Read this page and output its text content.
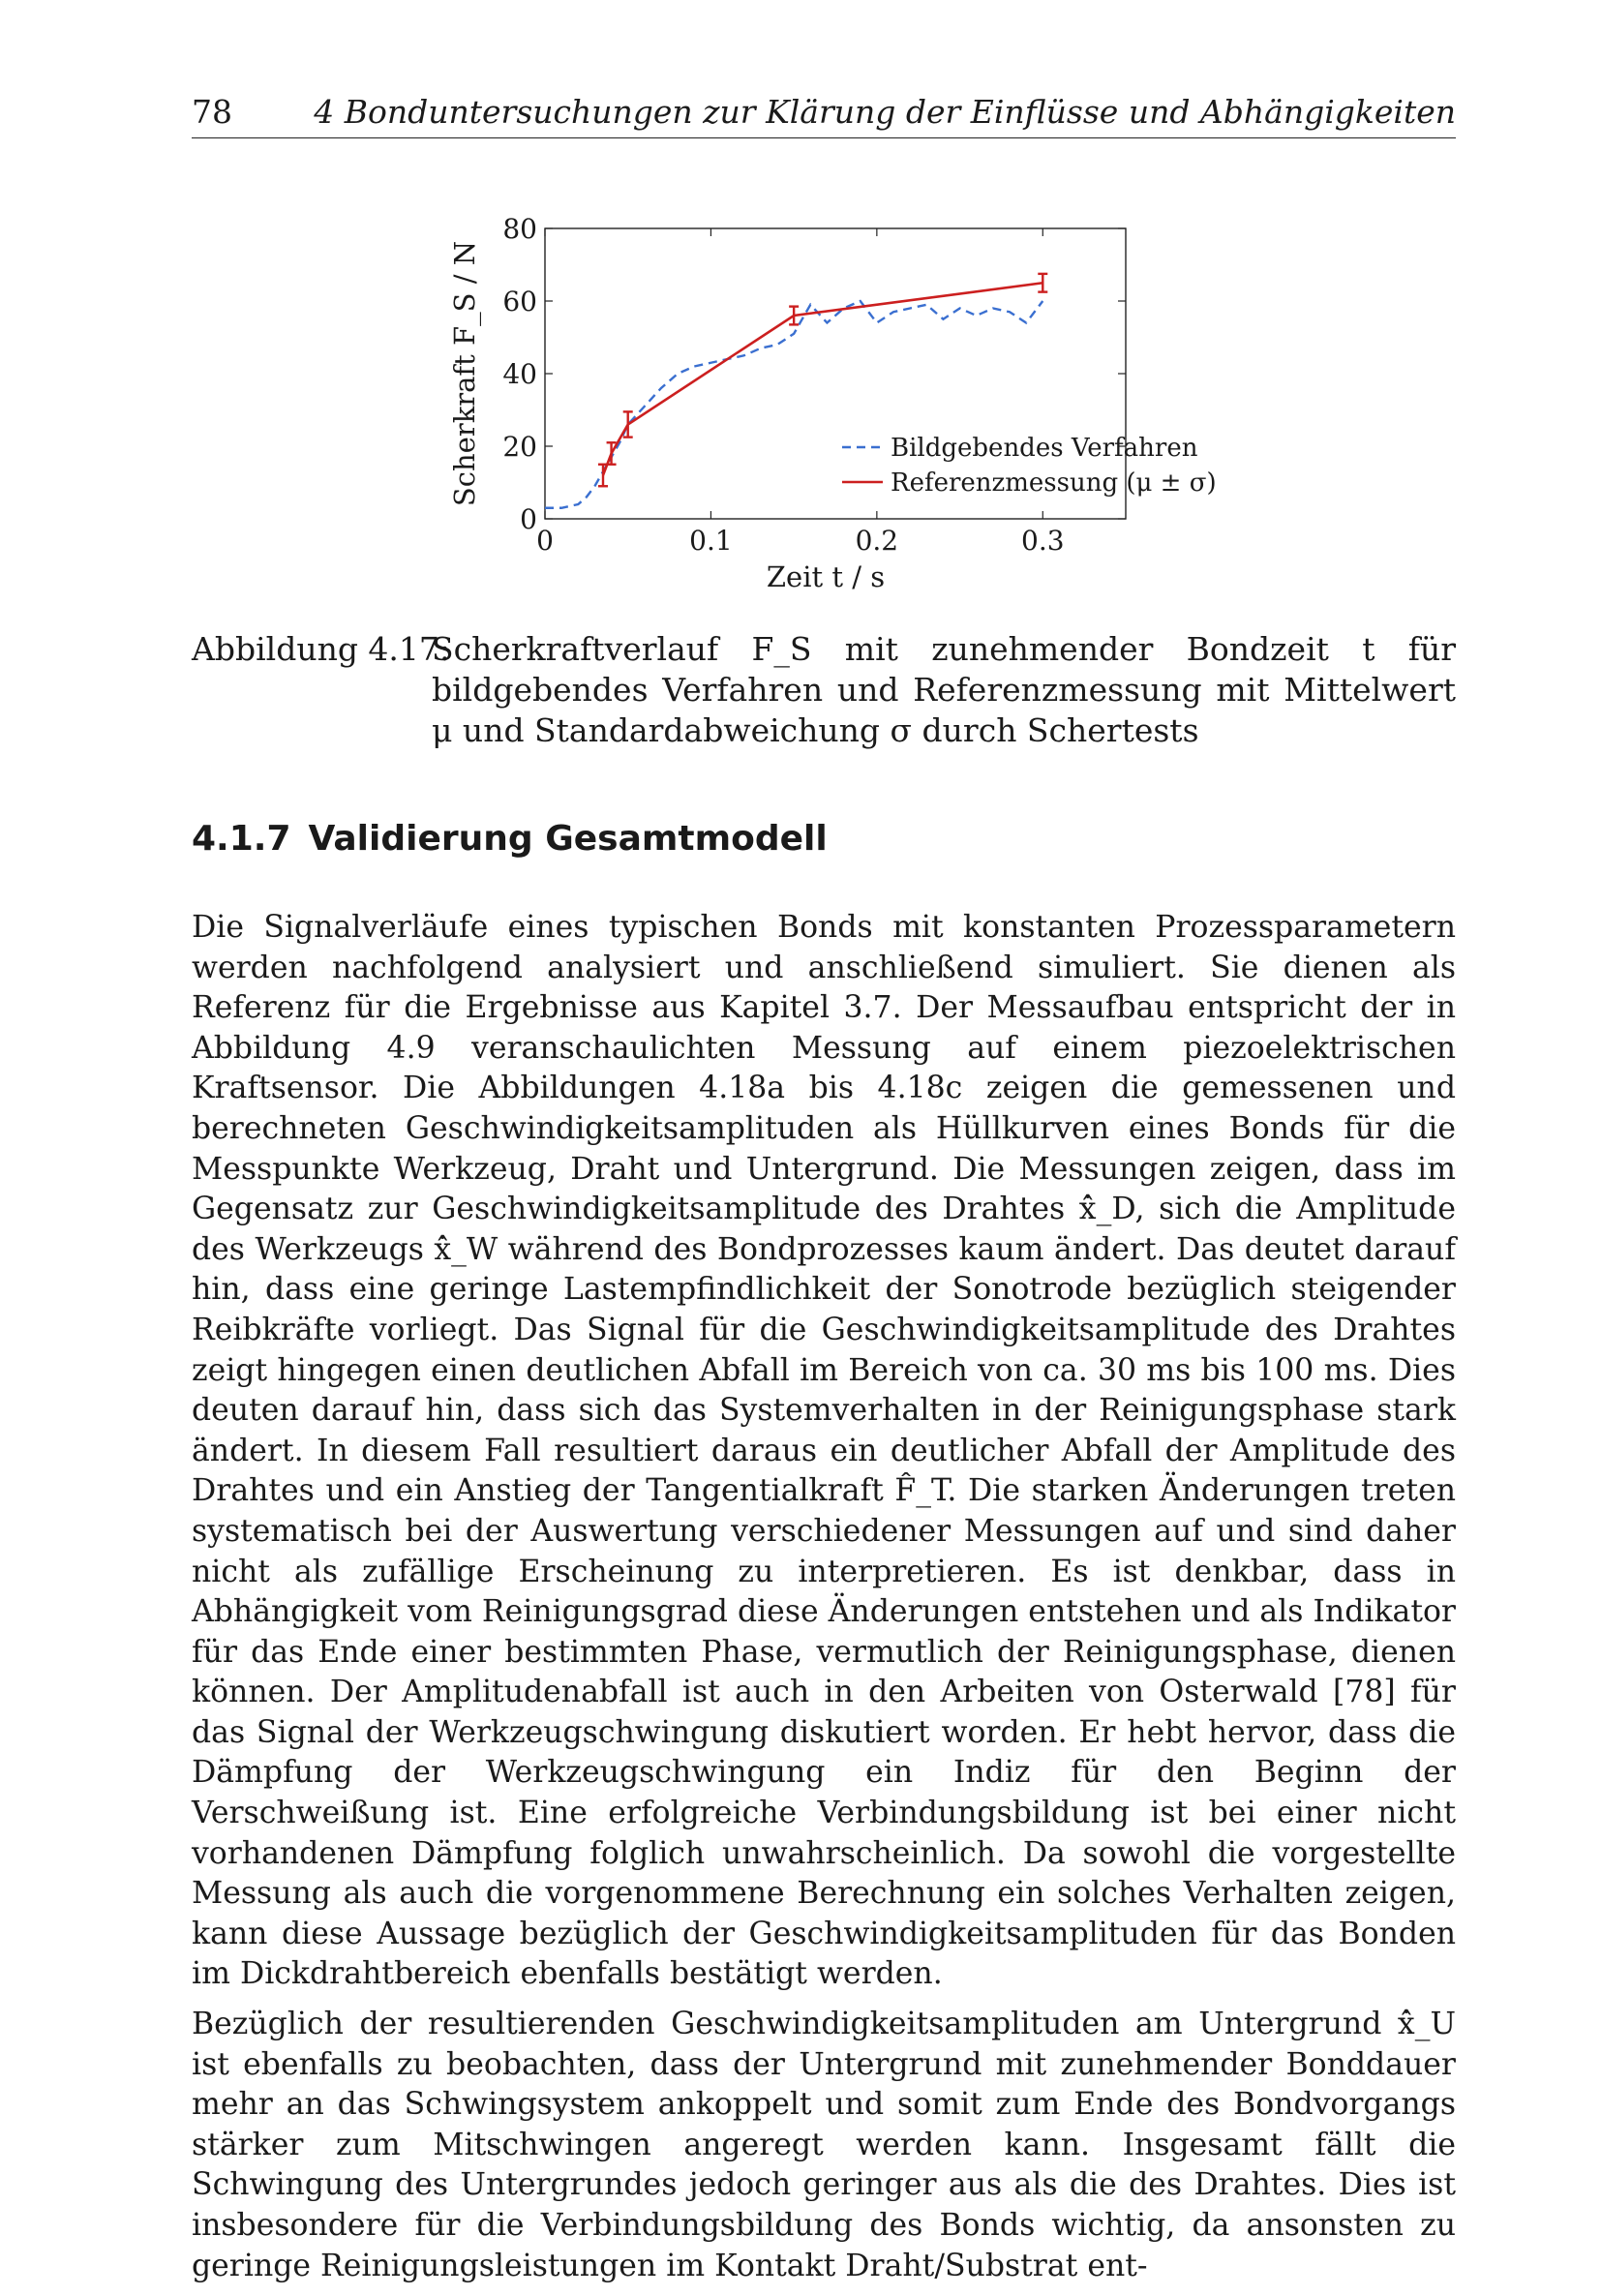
78	4 Bonduntersuchungen zur Klärung der Einflüsse und Abhängigkeiten
0	0.1	0.2	0.3
0
20
40
60
80
Zeit t / s
Scherkraft F_S / N	Bildgebendes Verfahren
Referenzmessung (μ ± σ)
Abbildung 4.17:
Scherkraftverlauf F_S mit zunehmender Bondzeit t für bildgebendes Verfahren und Referenzmessung mit Mittelwert μ und Standardabweichung σ durch Schertests
4.1.7 Validierung Gesamtmodell

Die Signalverläufe eines typischen Bonds mit konstanten Prozessparametern werden nachfolgend analysiert und anschließend simuliert. Sie dienen als Referenz für die Ergebnisse aus Kapitel 3.7. Der Messaufbau entspricht der in Abbildung 4.9 veranschaulichten Messung auf einem piezoelektrischen Kraftsensor. Die Abbildungen 4.18a bis 4.18c zeigen die gemessenen und berechneten Geschwindigkeitsamplituden als Hüllkurven eines Bonds für die Messpunkte Werkzeug, Draht und Untergrund. Die Messungen zeigen, dass im Gegensatz zur Geschwindigkeitsamplitude des Drahtes x̂̇_D, sich die Amplitude des Werkzeugs x̂̇_W während des Bondprozesses kaum ändert. Das deutet darauf hin, dass eine geringe Lastempfindlichkeit der Sonotrode bezüglich steigender Reibkräfte vorliegt. Das Signal für die Geschwindigkeitsamplitude des Drahtes zeigt hingegen einen deutlichen Abfall im Bereich von ca. 30 ms bis 100 ms. Dies deuten darauf hin, dass sich das Systemverhalten in der Reinigungsphase stark ändert. In diesem Fall resultiert daraus ein deutlicher Abfall der Amplitude des Drahtes und ein Anstieg der Tangentialkraft F̂_T. Die starken Änderungen treten systematisch bei der Auswertung verschiedener Messungen auf und sind daher nicht als zufällige Erscheinung zu interpretieren. Es ist denkbar, dass in Abhängigkeit vom Reinigungsgrad diese Änderungen entstehen und als Indikator für das Ende einer bestimmten Phase, vermutlich der Reinigungsphase, dienen können. Der Amplitudenabfall ist auch in den Arbeiten von Osterwald [78] für das Signal der Werkzeugschwingung diskutiert worden. Er hebt hervor, dass die Dämpfung der Werkzeugschwingung ein Indiz für den Beginn der Verschweißung ist. Eine erfolgreiche Verbindungsbildung ist bei einer nicht vorhandenen Dämpfung folglich unwahrscheinlich. Da sowohl die vorgestellte Messung als auch die vorgenommene Berechnung ein solches Verhalten zeigen, kann diese Aussage bezüglich der Geschwindigkeitsamplituden für das Bonden im Dickdrahtbereich ebenfalls bestätigt werden.

Bezüglich der resultierenden Geschwindigkeitsamplituden am Untergrund x̂̇_U ist ebenfalls zu beobachten, dass der Untergrund mit zunehmender Bonddauer mehr an das Schwingsystem ankoppelt und somit zum Ende des Bondvorgangs stärker zum Mitschwingen angeregt werden kann. Insgesamt fällt die Schwingung des Untergrundes jedoch geringer aus als die des Drahtes. Dies ist insbesondere für die Verbindungsbildung des Bonds wichtig, da ansonsten zu geringe Reinigungsleistungen im Kontakt Draht/Substrat ent-
